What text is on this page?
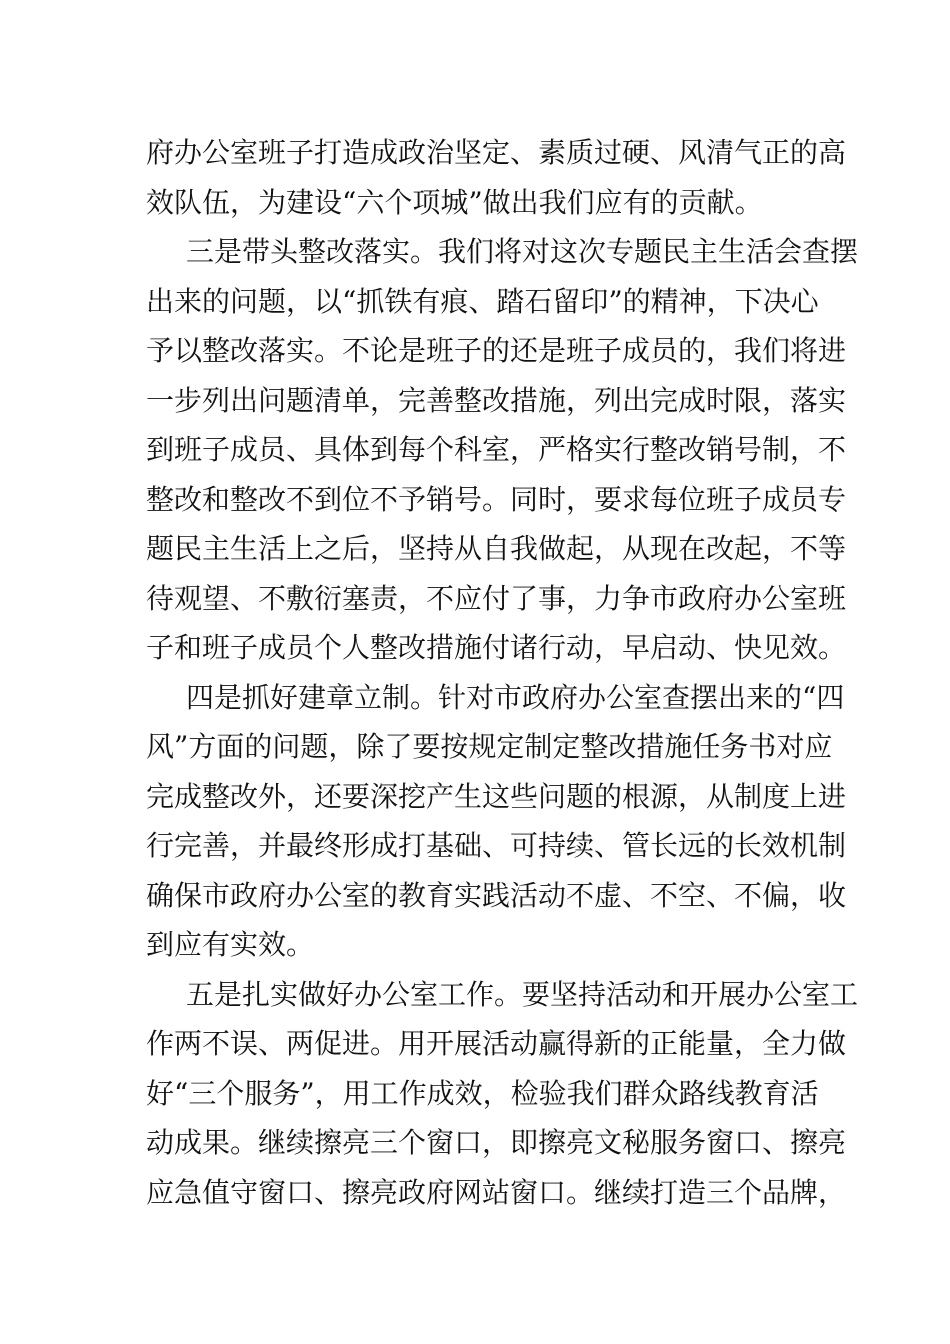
府办公室班子打造成政治坚定、素质过硬、风清气正的高
效队伍，为建设“六个项城”做出我们应有的贡献。
三是带头整改落实。我们将对这次专题民主生活会查摆
出来的问题，以“抓铁有痕、踏石留印”的精神，下决心
予以整改落实。不论是班子的还是班子成员的，我们将进
一步列出问题清单，完善整改措施，列出完成时限，落实
到班子成员、具体到每个科室，严格实行整改销号制，不
整改和整改不到位不予销号。同时，要求每位班子成员专
题民主生活上之后，坚持从自我做起，从现在改起，不等
待观望、不敷衍塞责，不应付了事，力争市政府办公室班
子和班子成员个人整改措施付诸行动，早启动、快见效。
四是抓好建章立制。针对市政府办公室查摆出来的“四
风”方面的问题，除了要按规定制定整改措施任务书对应
完成整改外，还要深挖产生这些问题的根源，从制度上进
行完善，并最终形成打基础、可持续、管长远的长效机制
确保市政府办公室的教育实践活动不虚、不空、不偏，收
到应有实效。
五是扎实做好办公室工作。要坚持活动和开展办公室工
作两不误、两促进。用开展活动赢得新的正能量，全力做
好“三个服务”，用工作成效，检验我们群众路线教育活
动成果。继续擦亮三个窗口，即擦亮文秘服务窗口、擦亮
应急值守窗口、擦亮政府网站窗口。继续打造三个品牌，
